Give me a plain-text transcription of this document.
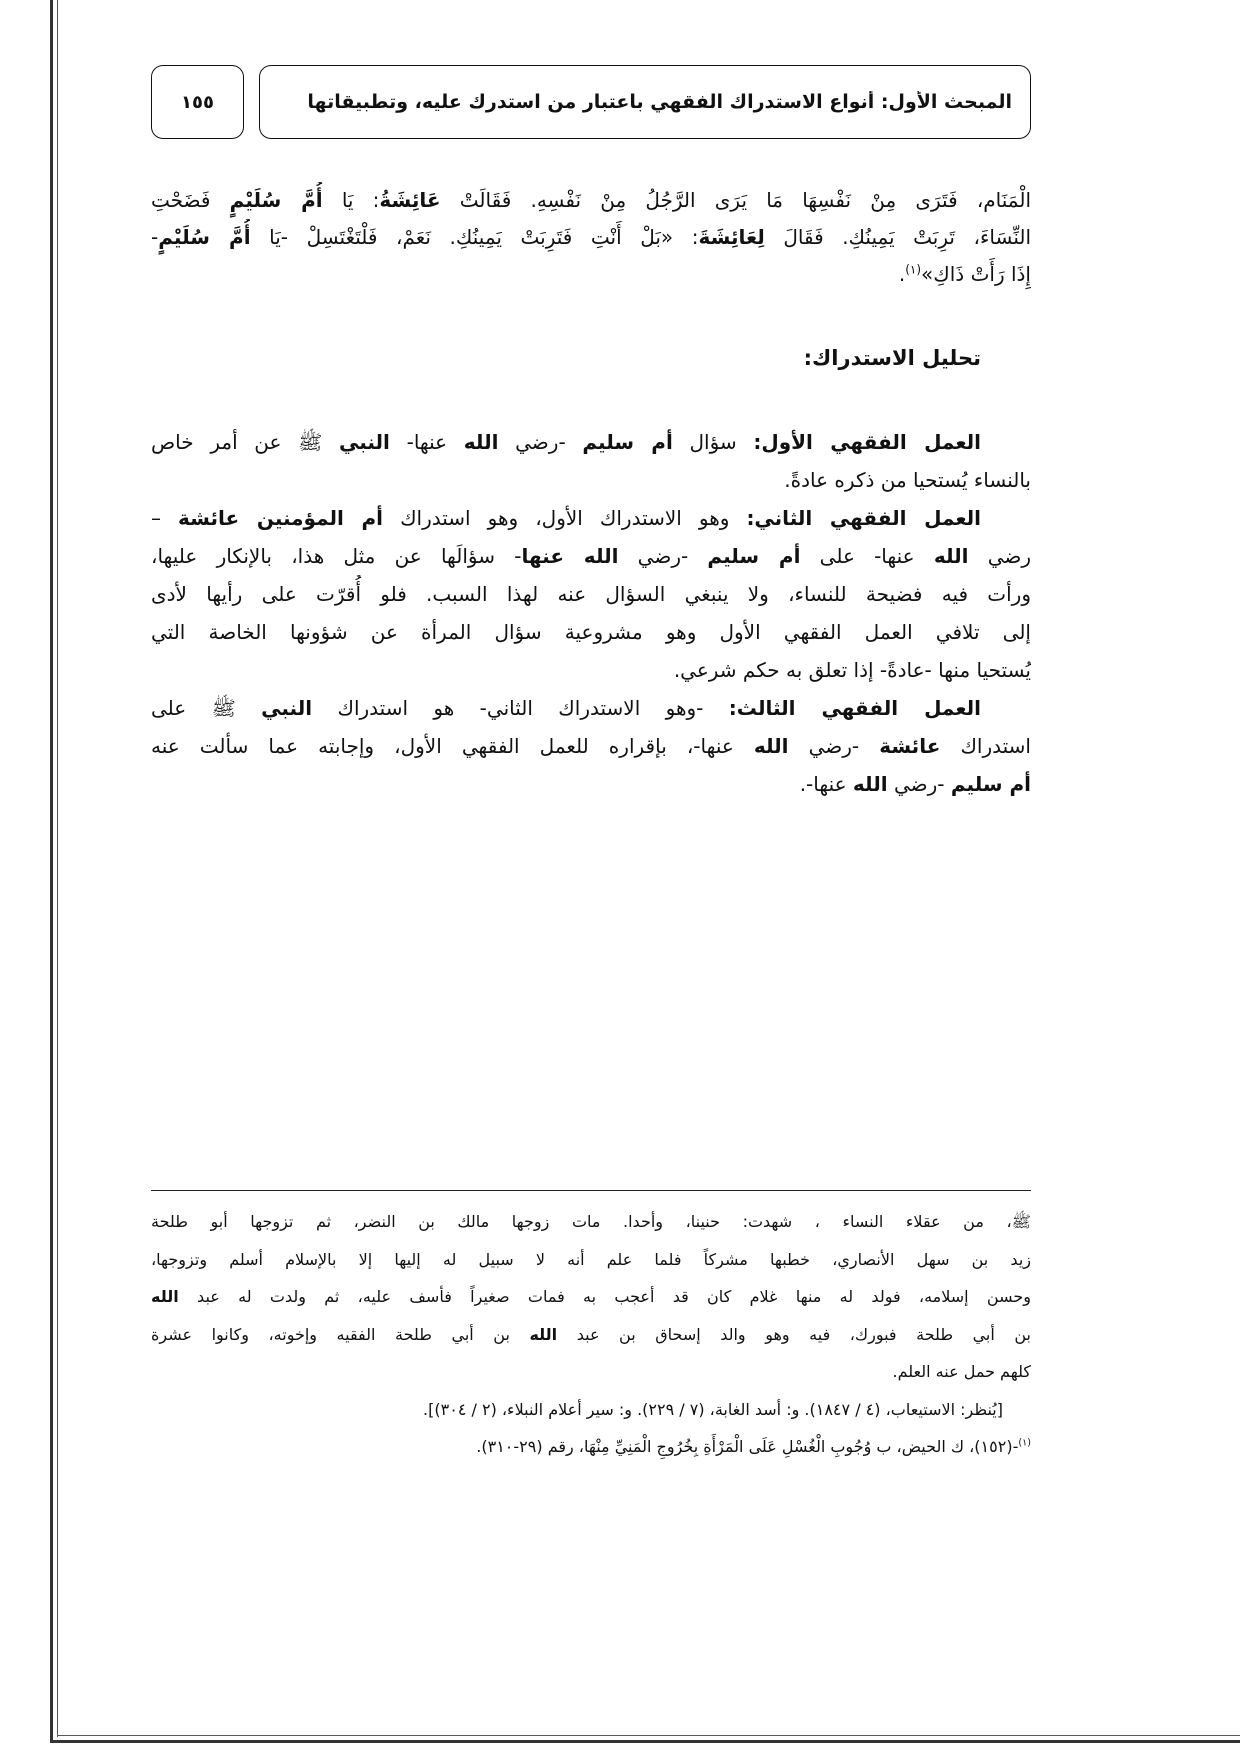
المبحث الأول: أنواع الاستدراك الفقهي باعتبار من استدرك عليه، وتطبيقاتها
١٥٥
الْمَنَام، فَتَرَى مِنْ نَفْسِهَا مَا يَرَى الرَّجُلُ مِنْ نَفْسِهِ. فَقَالَتْ عَائِشَةُ: يَا أُمَّ سُلَيْمٍ فَضَحْتِ
النِّسَاءَ، تَرِبَتْ يَمِينُكِ. فَقَالَ لِعَائِشَةَ: «بَلْ أَنْتِ فَتَرِبَتْ يَمِينُكِ. نَعَمْ، فَلْتَغْتَسِلْ -يَا أُمَّ سُلَيْمٍ-
إِذَا رَأَتْ ذَاكِ»$^{(١)}$.
تحليل الاستدراك:
العمل الفقهي الأول: سؤال أم سليم -رضي الله عنها- النبي ﷺ عن أمر خاص
بالنساء يُستحيا من ذكره عادةً.
العمل الفقهي الثاني: وهو الاستدراك الأول، وهو استدراك أم المؤمنين عائشة –
رضي الله عنها- على أم سليم -رضي الله عنها- سؤالَها عن مثل هذا، بالإنكار عليها،
ورأت فيه فضيحة للنساء، ولا ينبغي السؤال عنه لهذا السبب. فلو أُقرّت على رأيها لأدى
إلى تلافي العمل الفقهي الأول وهو مشروعية سؤال المرأة عن شؤونها الخاصة التي
يُستحيا منها -عادةً- إذا تعلق به حكم شرعي.
العمل الفقهي الثالث: -وهو الاستدراك الثاني- هو استدراك النبي ﷺ على
استدراك عائشة -رضي الله عنها-، بإقراره للعمل الفقهي الأول، وإجابته عما سألت عنه
أم سليم -رضي الله عنها-.
ﷺ، من عقلاء النساء ، شهدت: حنينا، وأحدا. مات زوجها مالك بن النضر، ثم تزوجها أبو طلحة
زيد بن سهل الأنصاري، خطبها مشركاً فلما علم أنه لا سبيل له إليها إلا بالإسلام أسلم وتزوجها،
وحسن إسلامه، فولد له منها غلام كان قد أعجب به فمات صغيراً فأسف عليه، ثم ولدت له عبد الله
بن أبي طلحة فبورك، فيه وهو والد إسحاق بن عبد الله بن أبي طلحة الفقيه وإخوته، وكانوا عشرة
كلهم حمل عنه العلم.
[يُنظر: الاستيعاب، (٤ / ١٨٤٧). و: أسد الغابة، (٧ / ٢٢٩). و: سير أعلام النبلاء، (٢ / ٣٠٤)].
$^{(١)}$-(١٥٢)، ك الحيض، ب وُجُوبِ الْغُسْلِ عَلَى الْمَرْأَةِ بِخُرُوجِ الْمَنِيِّ مِنْهَا، رقم (٢٩-٣١٠).
